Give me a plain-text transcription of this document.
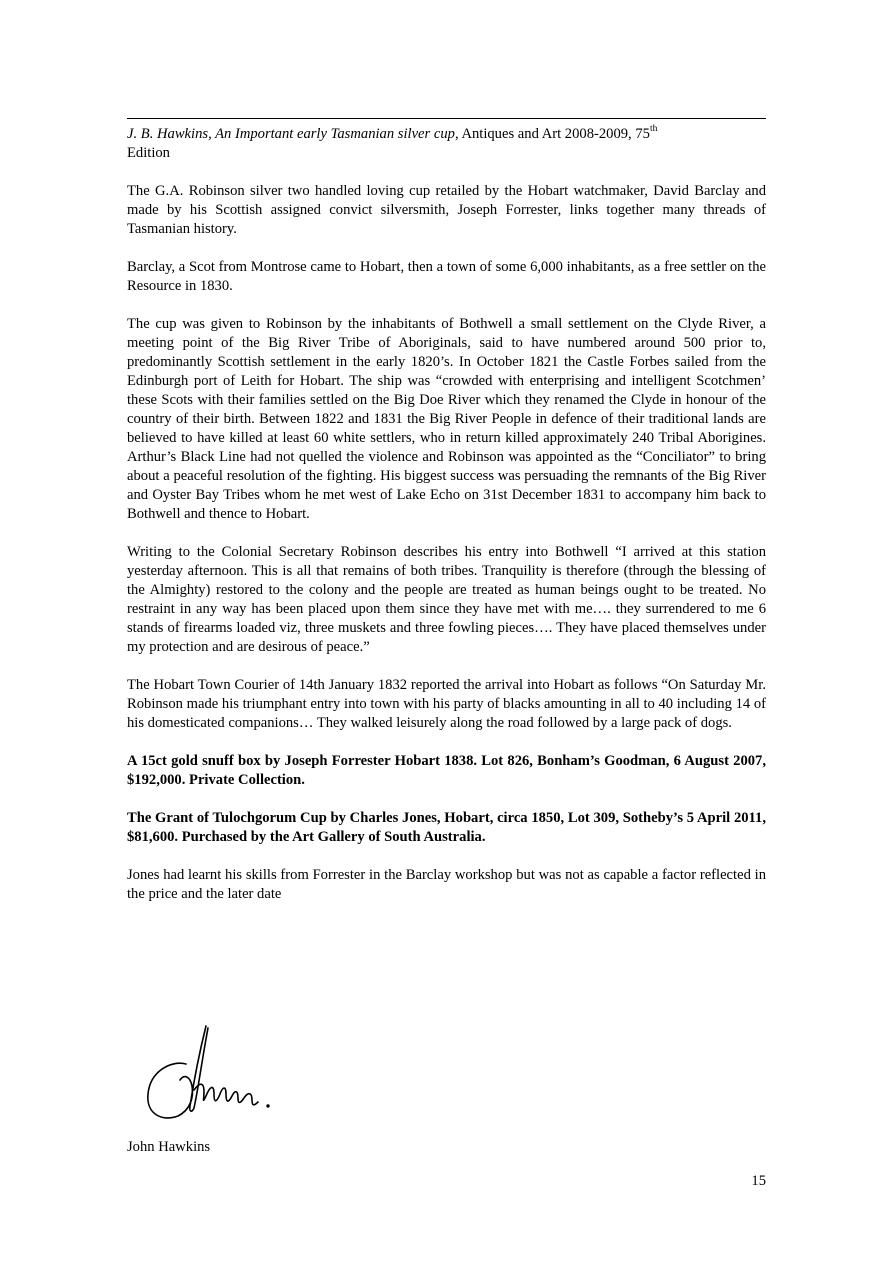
J. B. Hawkins, An Important early Tasmanian silver cup, Antiques and Art 2008-2009, 75th
Edition

The G.A. Robinson silver two handled loving cup retailed by the Hobart watchmaker, David Barclay and made by his Scottish assigned convict silversmith, Joseph Forrester, links together many threads of Tasmanian history.

Barclay, a Scot from Montrose came to Hobart, then a town of some 6,000 inhabitants, as a free settler on the Resource in 1830.

The cup was given to Robinson by the inhabitants of Bothwell a small settlement on the Clyde River, a meeting point of the Big River Tribe of Aboriginals, said to have numbered around 500 prior to, predominantly Scottish settlement in the early 1820’s. In October 1821 the Castle Forbes sailed from the Edinburgh port of Leith for Hobart. The ship was “crowded with enterprising and intelligent Scotchmen’ these Scots with their families settled on the Big Doe River which they renamed the Clyde in honour of the country of their birth. Between 1822 and 1831 the Big River People in defence of their traditional lands are believed to have killed at least 60 white settlers, who in return killed approximately 240 Tribal Aborigines. Arthur’s Black Line had not quelled the violence and Robinson was appointed as the “Conciliator” to bring about a peaceful resolution of the fighting. His biggest success was persuading the remnants of the Big River and Oyster Bay Tribes whom he met west of Lake Echo on 31st December 1831 to accompany him back to Bothwell and thence to Hobart.

Writing to the Colonial Secretary Robinson describes his entry into Bothwell “I arrived at this station yesterday afternoon. This is all that remains of both tribes. Tranquility is therefore (through the blessing of the Almighty) restored to the colony and the people are treated as human beings ought to be treated. No restraint in any way has been placed upon them since they have met with me…. they surrendered to me 6 stands of firearms loaded viz, three muskets and three fowling pieces…. They have placed themselves under my protection and are desirous of peace.”

The Hobart Town Courier of 14th January 1832 reported the arrival into Hobart as follows “On Saturday Mr. Robinson made his triumphant entry into town with his party of blacks amounting in all to 40 including 14 of his domesticated companions… They walked leisurely along the road followed by a large pack of dogs.

A 15ct gold snuff box by Joseph Forrester Hobart 1838. Lot 826, Bonham’s Goodman, 6 August 2007, $192,000. Private Collection.

The Grant of Tulochgorum Cup by Charles Jones, Hobart, circa 1850, Lot 309, Sotheby’s 5 April 2011, $81,600. Purchased by the Art Gallery of South Australia.

Jones had learnt his skills from Forrester in the Barclay workshop but was not as capable a factor reflected in the price and the later date

John Hawkins
15
